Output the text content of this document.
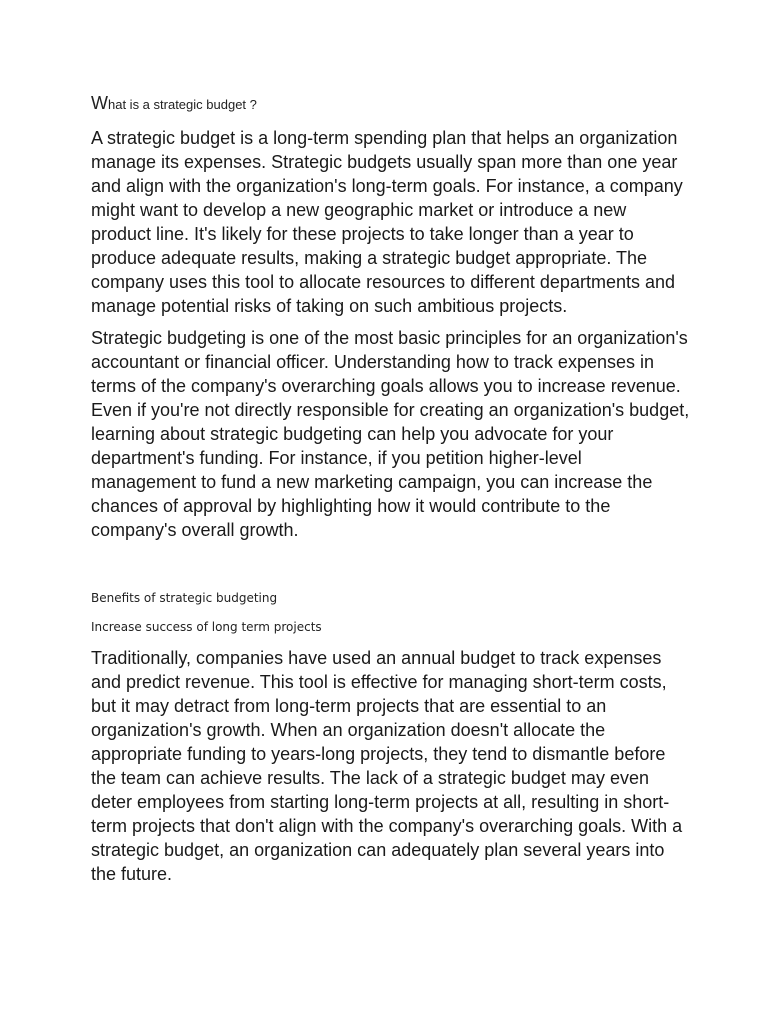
What is a strategic budget ?

A strategic budget is a long-term spending plan that helps an organization manage its expenses. Strategic budgets usually span more than one year and align with the organization's long-term goals. For instance, a company might want to develop a new geographic market or introduce a new product line. It's likely for these projects to take longer than a year to produce adequate results, making a strategic budget appropriate. The company uses this tool to allocate resources to different departments and manage potential risks of taking on such ambitious projects.

Strategic budgeting is one of the most basic principles for an organization's accountant or financial officer. Understanding how to track expenses in terms of the company's overarching goals allows you to increase revenue. Even if you're not directly responsible for creating an organization's budget, learning about strategic budgeting can help you advocate for your department's funding. For instance, if you petition higher-level management to fund a new marketing campaign, you can increase the chances of approval by highlighting how it would contribute to the company's overall growth.

Benefits of strategic budgeting

Increase success of long term projects

Traditionally, companies have used an annual budget to track expenses and predict revenue. This tool is effective for managing short-term costs, but it may detract from long-term projects that are essential to an organization's growth. When an organization doesn't allocate the appropriate funding to years-long projects, they tend to dismantle before the team can achieve results. The lack of a strategic budget may even deter employees from starting long-term projects at all, resulting in short-term projects that don't align with the company's overarching goals. With a strategic budget, an organization can adequately plan several years into the future.
